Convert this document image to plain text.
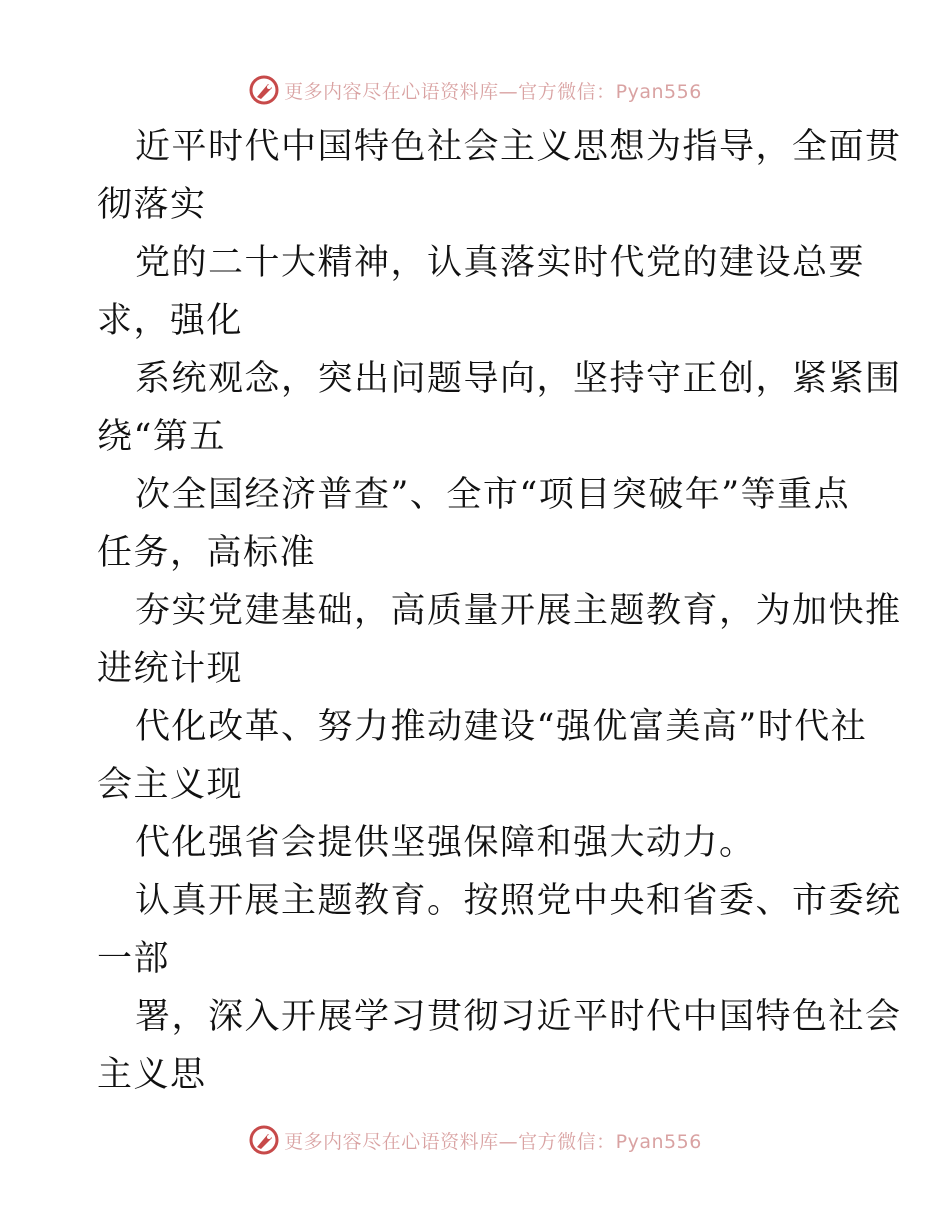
更多内容尽在心语资料库—官方微信：Pyan556
近平时代中国特色社会主义思想为指导，全面贯
彻落实
党的二十大精神，认真落实时代党的建设总要
求，强化
系统观念，突出问题导向，坚持守正创，紧紧围
绕“第五
次全国经济普查”、全市“项目突破年”等重点
任务，高标准
夯实党建基础，高质量开展主题教育，为加快推
进统计现
代化改革、努力推动建设“强优富美高”时代社
会主义现
代化强省会提供坚强保障和强大动力。
认真开展主题教育。按照党中央和省委、市委统
一部
署，深入开展学习贯彻习近平时代中国特色社会
主义思
更多内容尽在心语资料库—官方微信：Pyan556
